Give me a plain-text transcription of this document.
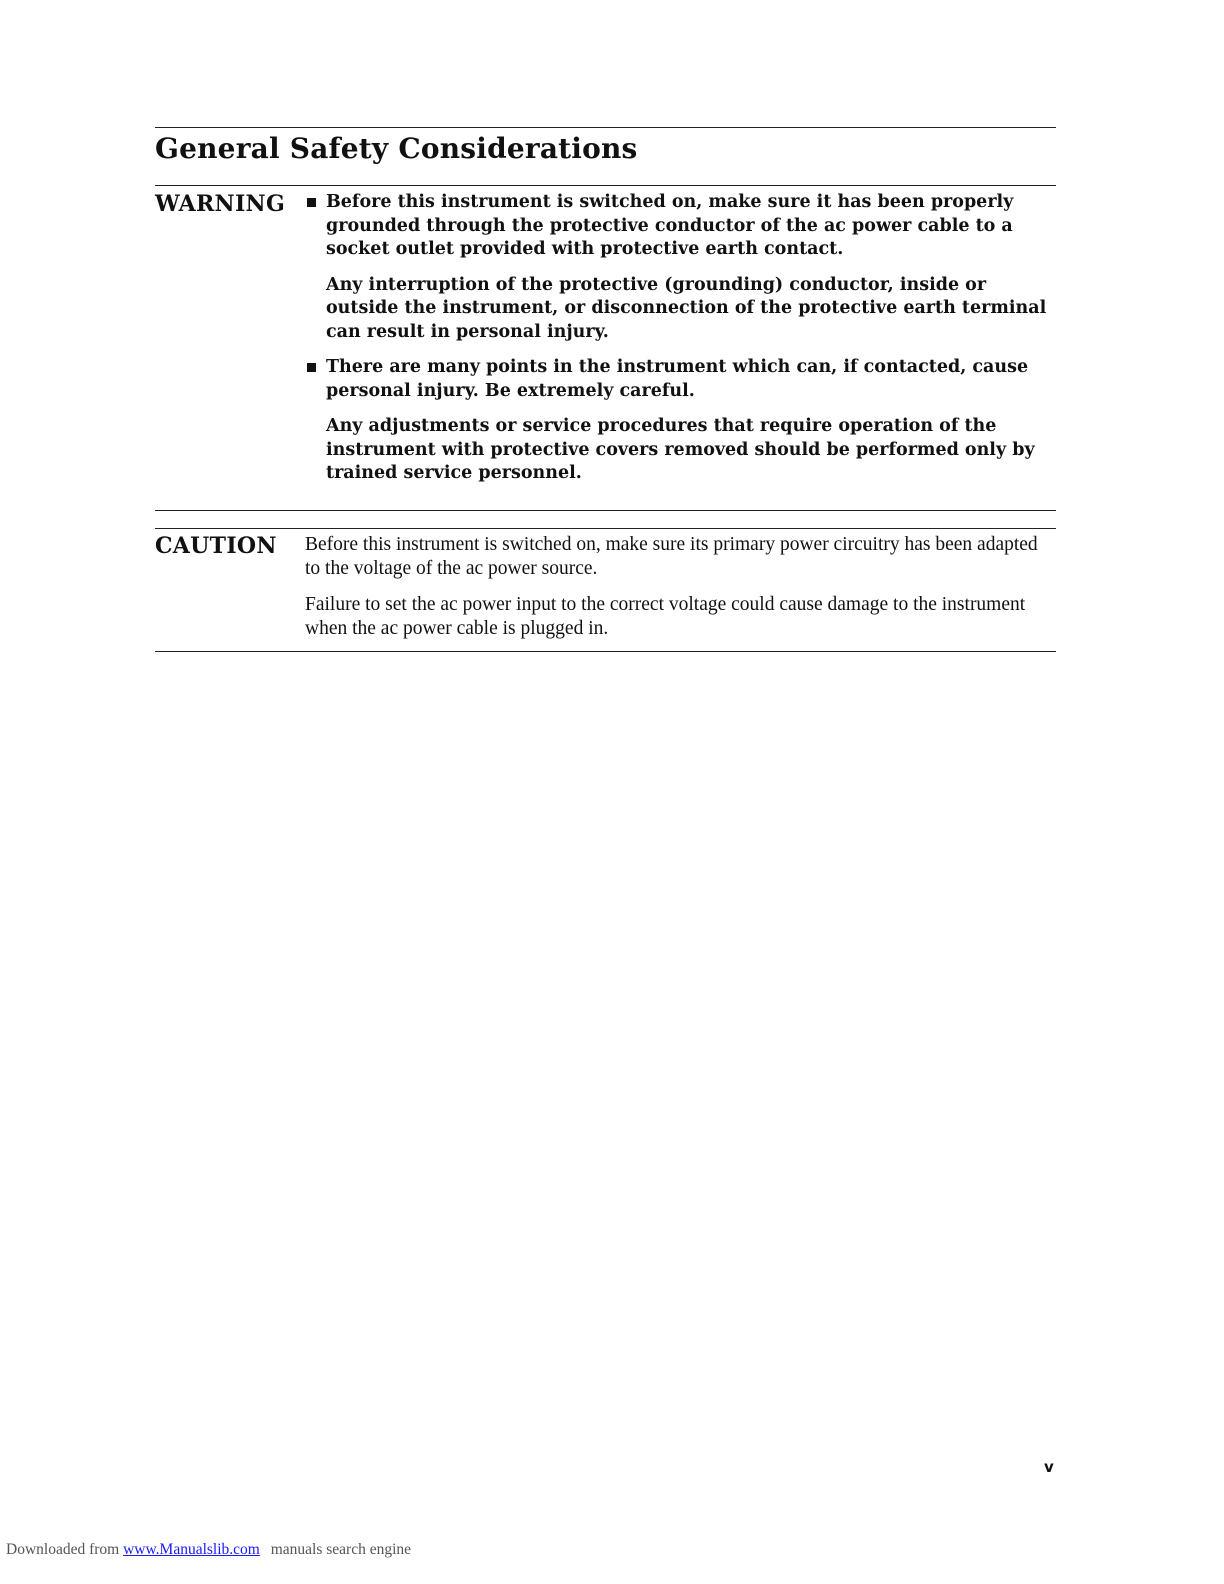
General Safety Considerations
WARNING	Before this instrument is switched on, make sure it has been properly grounded through the protective conductor of the ac power cable to a socket outlet provided with protective earth contact.
Any interruption of the protective (grounding) conductor, inside or outside the instrument, or disconnection of the protective earth terminal can result in personal injury.
There are many points in the instrument which can, if contacted, cause personal injury. Be extremely careful.
Any adjustments or service procedures that require operation of the instrument with protective covers removed should be performed only by trained service personnel.
CAUTION Before this instrument is switched on, make sure its primary power circuitry has been adapted to the voltage of the ac power source.
Failure to set the ac power input to the correct voltage could cause damage to the instrument when the ac power cable is plugged in.
v
Downloaded from www.Manualslib.com manuals search engine
